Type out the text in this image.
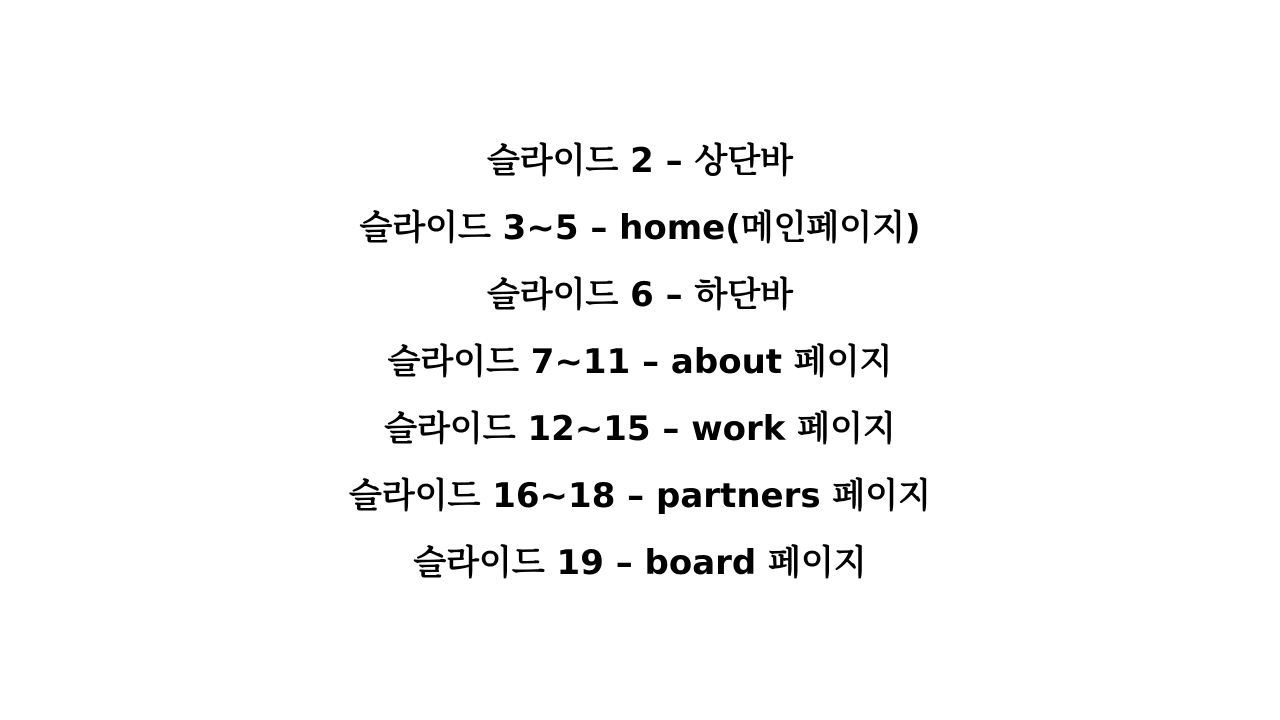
슬라이드 2 – 상단바
슬라이드 3~5 – home(메인페이지)
슬라이드 6 – 하단바
슬라이드 7~11 – about 페이지
슬라이드 12~15 – work 페이지
슬라이드 16~18 – partners 페이지
슬라이드 19 – board 페이지
